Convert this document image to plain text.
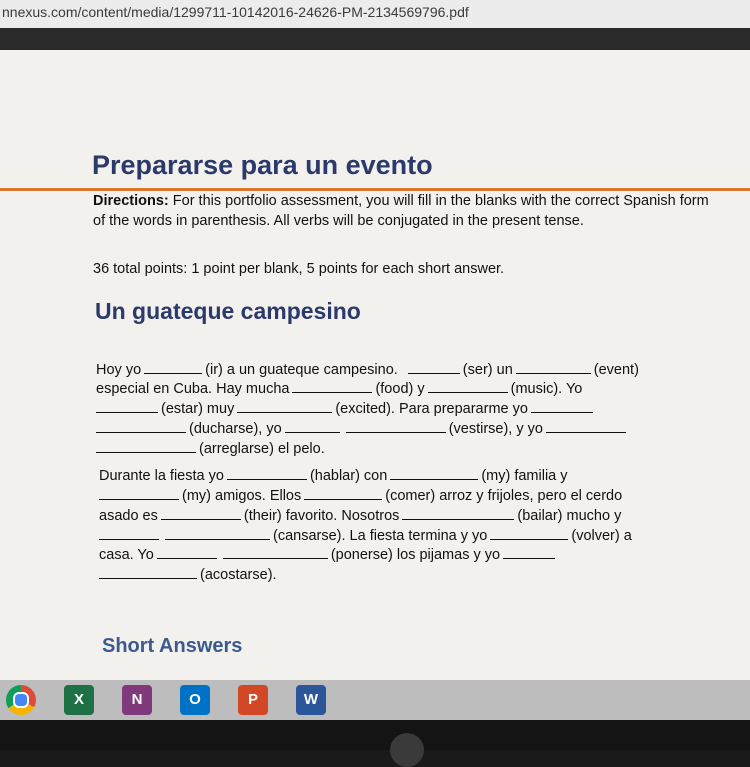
nnexus.com/content/media/1299711-10142016-24626-PM-2134569796.pdf
Prepararse para un evento
Directions: For this portfolio assessment, you will fill in the blanks with the correct Spanish form of the words in parenthesis. All verbs will be conjugated in the present tense.
36 total points: 1 point per blank, 5 points for each short answer.
Un guateque campesino
Hoy yo	(ir) a un guateque campesino.	(ser) un	(event)
especial en Cuba. Hay mucha	(food) y	(music). Yo
(estar) muy	(excited). Para prepararme yo
(ducharse), yo	(vestirse), y yo
(arreglarse) el pelo.
Durante la fiesta yo	(hablar) con	(my) familia y
(my) amigos. Ellos	(comer) arroz y frijoles, pero el cerdo
asado es	(their) favorito. Nosotros	(bailar) mucho y
(cansarse). La fiesta termina y yo	(volver) a
casa. Yo	(ponerse) los pijamas y yo
(acostarse).
Short Answers
X	N	O	P	W
